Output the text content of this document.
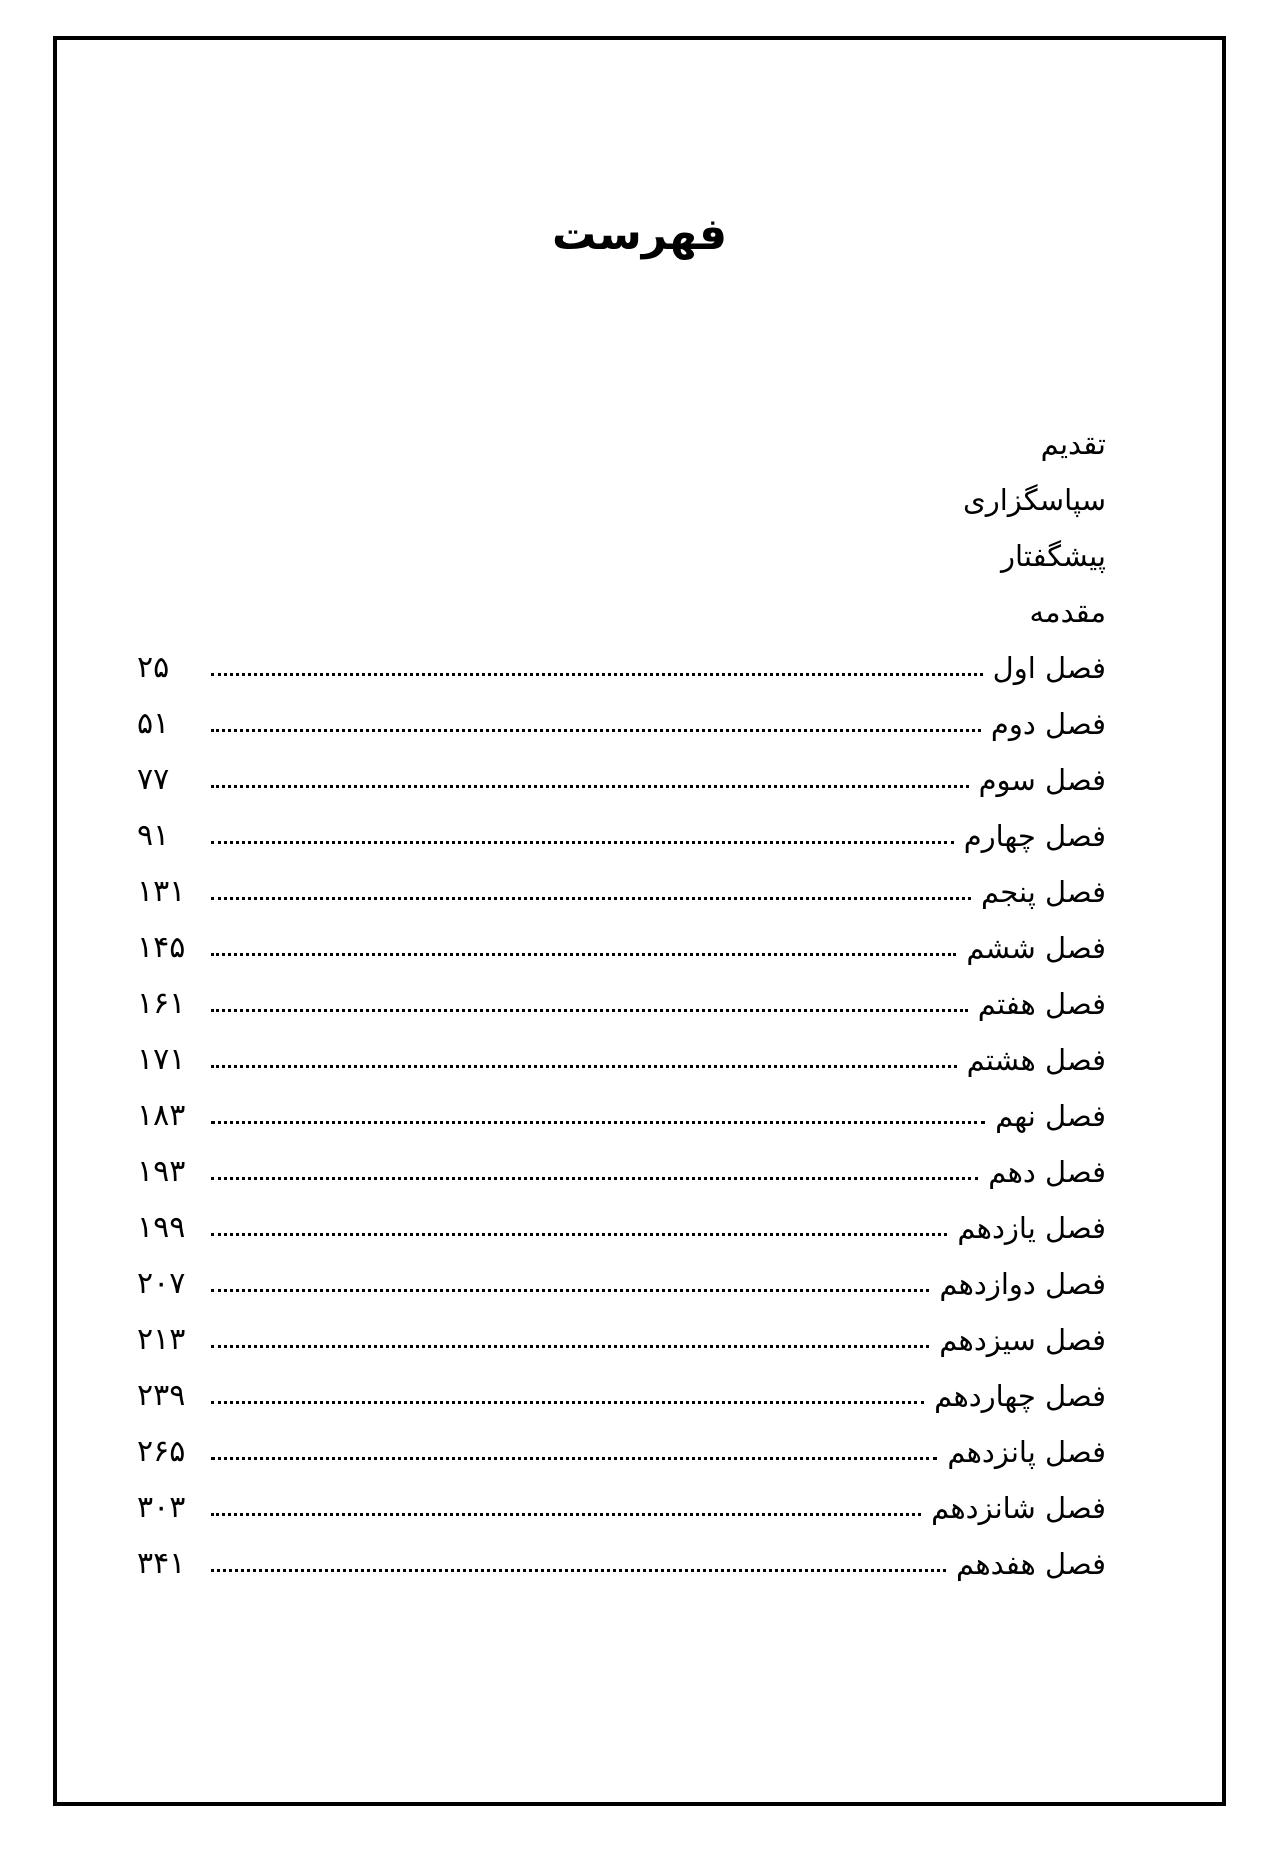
فهرست
تقدیم
سپاسگزاری
پیشگفتار
مقدمه
فصل اول
۲۵
فصل دوم
۵۱
فصل سوم
۷۷
فصل چهارم
۹۱
فصل پنجم
۱۳۱
فصل ششم
۱۴۵
فصل هفتم
۱۶۱
فصل هشتم
۱۷۱
فصل نهم
۱۸۳
فصل دهم
۱۹۳
فصل یازدهم
۱۹۹
فصل دوازدهم
۲۰۷
فصل سیزدهم
۲۱۳
فصل چهاردهم
۲۳۹
فصل پانزدهم
۲۶۵
فصل شانزدهم
۳۰۳
فصل هفدهم
۳۴۱
